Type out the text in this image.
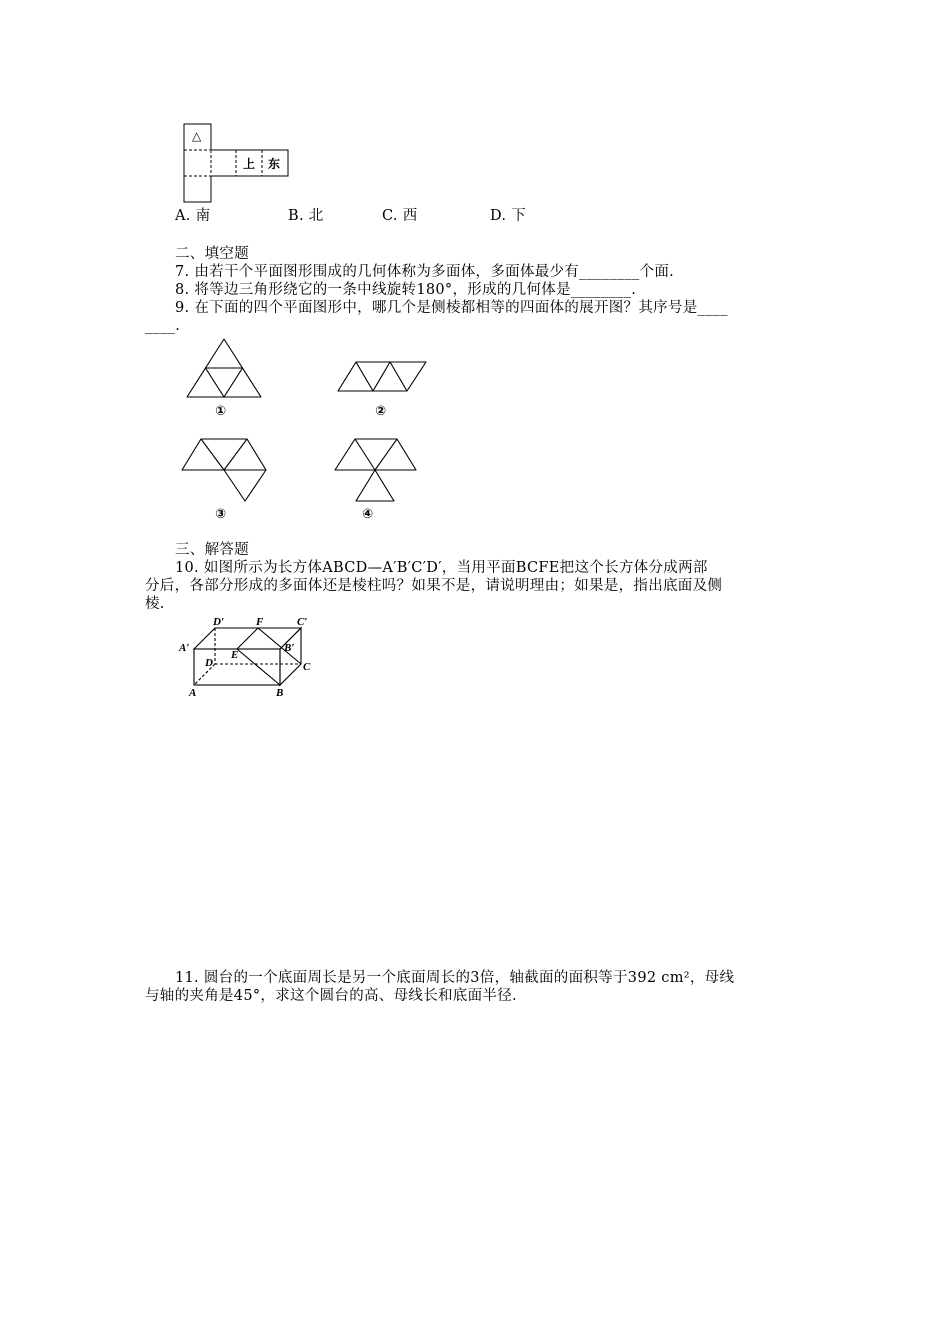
△
上 东
A. 南	B. 北	C. 西	D. 下
二、填空题
7. 由若干个平面图形围成的几何体称为多面体，多面体最少有________个面.
8. 将等边三角形绕它的一条中线旋转180°，形成的几何体是________.
9. 在下面的四个平面图形中，哪几个是侧棱都相等的四面体的展开图？其序号是____
____.
①	②
③	④
三、解答题
10. 如图所示为长方体ABCD—A′B′C′D′，当用平面BCFE把这个长方体分成两部
分后，各部分形成的多面体还是棱柱吗？如果不是，请说明理由；如果是，指出底面及侧
棱.
D′	F	C′
A′	B′
D
E
C
A	B
11. 圆台的一个底面周长是另一个底面周长的3倍，轴截面的面积等于392 cm²，母线
与轴的夹角是45°，求这个圆台的高、母线长和底面半径.
